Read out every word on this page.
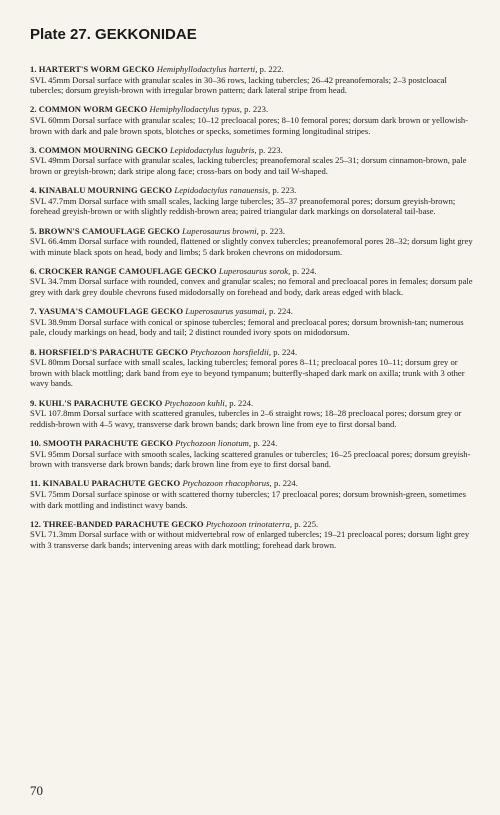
Plate 27. GEKKONIDAE
1. HARTERT'S WORM GECKO Hemiphyllodactylus harterti, p. 222.
SVL 45mm Dorsal surface with granular scales in 30–36 rows, lacking tubercles; 26–42 preanofemorals; 2–3 postcloacal tubercles; dorsum greyish-brown with irregular brown pattern; dark lateral stripe from head.
2. COMMON WORM GECKO Hemiphyllodactylus typus, p. 223.
SVL 60mm Dorsal surface with granular scales; 10–12 precloacal pores; 8–10 femoral pores; dorsum dark brown or yellowish-brown with dark and pale brown spots, blotches or specks, sometimes forming longitudinal stripes.
3. COMMON MOURNING GECKO Lepidodactylus lugubris, p. 223.
SVL 49mm Dorsal surface with granular scales, lacking tubercles; preanofemoral scales 25–31; dorsum cinnamon-brown, pale brown or greyish-brown; dark stripe along face; cross-bars on body and tail W-shaped.
4. KINABALU MOURNING GECKO Lepidodactylus ranauensis, p. 223.
SVL 47.7mm Dorsal surface with small scales, lacking large tubercles; 35–37 preanofemoral pores; dorsum greyish-brown; forehead greyish-brown or with slightly reddish-brown area; paired triangular dark markings on dorsolateral tail-base.
5. BROWN'S CAMOUFLAGE GECKO Luperosaurus browni, p. 223.
SVL 66.4mm Dorsal surface with rounded, flattened or slightly convex tubercles; preanofemoral pores 28–32; dorsum light grey with minute black spots on head, body and limbs; 5 dark broken chevrons on midodorsum.
6. CROCKER RANGE CAMOUFLAGE GECKO Luperosaurus sorok, p. 224.
SVL 34.7mm Dorsal surface with rounded, convex and granular scales; no femoral and precloacal pores in females; dorsum pale grey with dark grey double chevrons fused midodorsally on forehead and body, dark areas edged with black.
7. YASUMA'S CAMOUFLAGE GECKO Luperosaurus yasumai, p. 224.
SVL 38.9mm Dorsal surface with conical or spinose tubercles; femoral and precloacal pores; dorsum brownish-tan; numerous pale, cloudy markings on head, body and tail; 2 distinct rounded ivory spots on midodorsum.
8. HORSFIELD'S PARACHUTE GECKO Ptychozoon horsfieldii, p. 224.
SVL 80mm Dorsal surface with small scales, lacking tubercles; femoral pores 8–11; precloacal pores 10–11; dorsum grey or brown with black mottling; dark band from eye to beyond tympanum; butterfly-shaped dark mark on axilla; trunk with 3 other wavy bands.
9. KUHL'S PARACHUTE GECKO Ptychozoon kuhli, p. 224.
SVL 107.8mm Dorsal surface with scattered granules, tubercles in 2–6 straight rows; 18–28 precloacal pores; dorsum grey or reddish-brown with 4–5 wavy, transverse dark brown bands; dark brown line from eye to first dorsal band.
10. SMOOTH PARACHUTE GECKO Ptychozoon lionotum, p. 224.
SVL 95mm Dorsal surface with smooth scales, lacking scattered granules or tubercles; 16–25 precloacal pores; dorsum greyish-brown with transverse dark brown bands; dark brown line from eye to first dorsal band.
11. KINABALU PARACHUTE GECKO Ptychozoon rhacophorus, p. 224.
SVL 75mm Dorsal surface spinose or with scattered thorny tubercles; 17 precloacal pores; dorsum brownish-green, sometimes with dark mottling and indistinct wavy bands.
12. THREE-BANDED PARACHUTE GECKO Ptychozoon trinotaterra, p. 225.
SVL 71.3mm Dorsal surface with or without midvertebral row of enlarged tubercles; 19–21 precloacal pores; dorsum light grey with 3 transverse dark bands; intervening areas with dark mottling; forehead dark brown.
70
